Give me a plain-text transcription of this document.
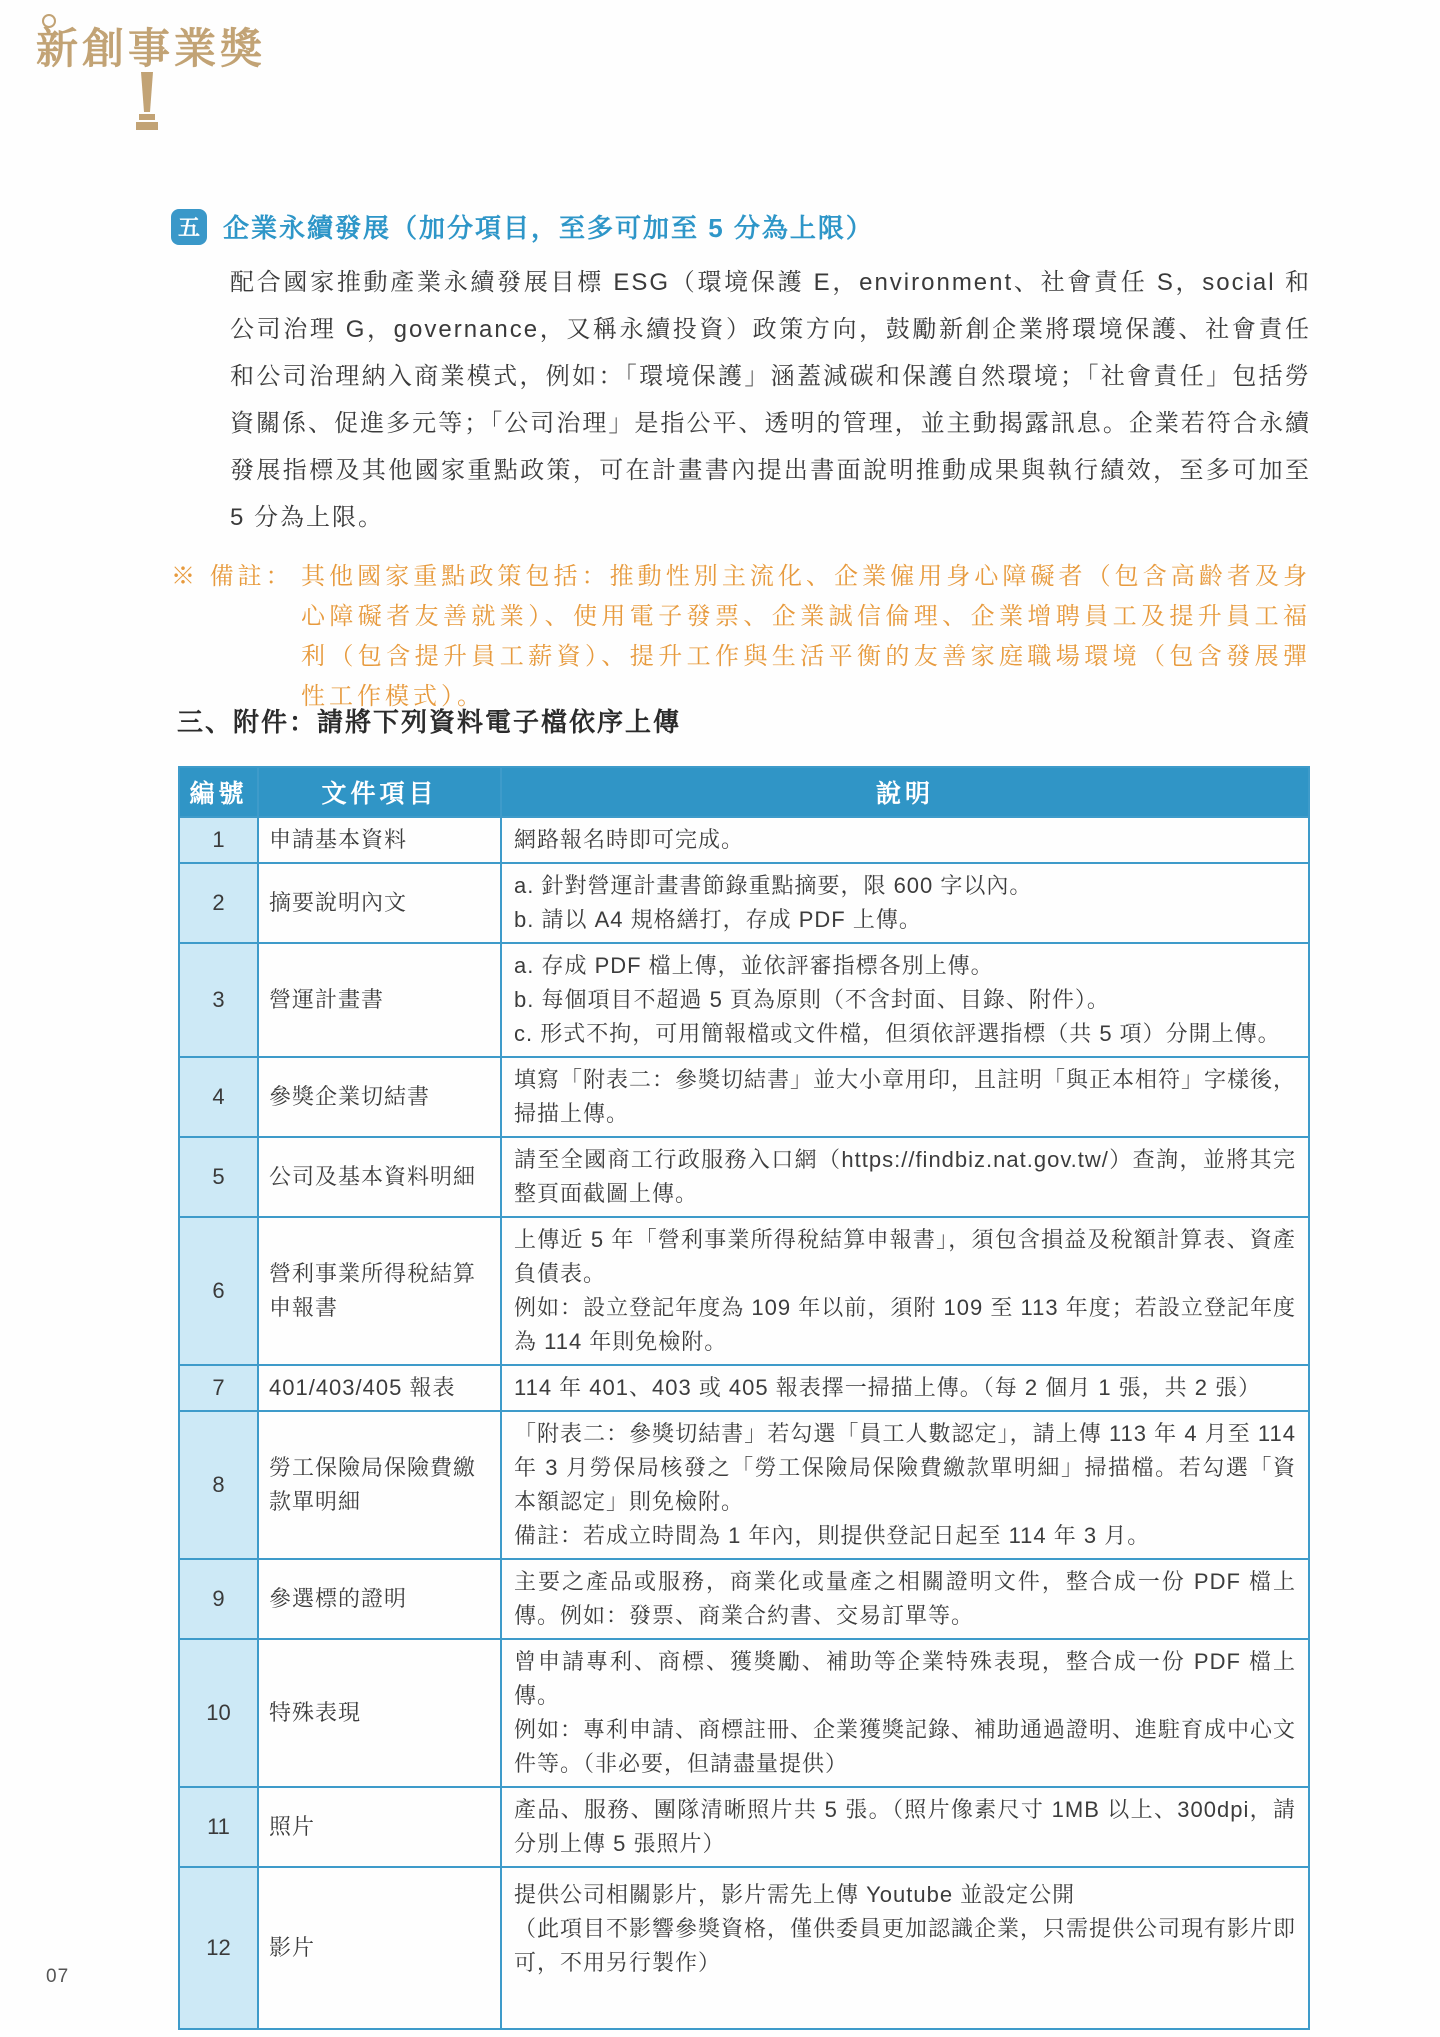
新創事業獎
五 企業永續發展（加分項目，至多可加至 5 分為上限）

配合國家推動產業永續發展目標 ESG（環境保護 E，environment、社會責任 S，social 和公司治理 G，governance，又稱永續投資）政策方向，鼓勵新創企業將環境保護、社會責任和公司治理納入商業模式，例如：「環境保護」涵蓋減碳和保護自然環境；「社會責任」包括勞資關係、促進多元等；「公司治理」是指公平、透明的管理，並主動揭露訊息。企業若符合永續發展指標及其他國家重點政策，可在計畫書內提出書面說明推動成果與執行績效，至多可加至 5 分為上限。

※ 備註： 其他國家重點政策包括：推動性別主流化、企業僱用身心障礙者（包含高齡者及身心障礙者友善就業）、使用電子發票、企業誠信倫理、企業增聘員工及提升員工福利（包含提升員工薪資）、提升工作與生活平衡的友善家庭職場環境（包含發展彈性工作模式）。

三、附件：請將下列資料電子檔依序上傳
編號	文件項目	說明
1	申請基本資料	網路報名時即可完成。

2	摘要說明內文	a. 針對營運計畫書節錄重點摘要，限 600 字以內。
b. 請以 A4 規格繕打，存成 PDF 上傳。

3	營運計畫書	a. 存成 PDF 檔上傳，並依評審指標各別上傳。
b. 每個項目不超過 5 頁為原則（不含封面、目錄、附件）。
c. 形式不拘，可用簡報檔或文件檔，但須依評選指標（共 5 項）分開上傳。

4	參獎企業切結書	填寫「附表二：參獎切結書」並大小章用印，且註明「與正本相符」字樣後，掃描上傳。

5	公司及基本資料明細	請至全國商工行政服務入口網（https://findbiz.nat.gov.tw/）查詢，並將其完整頁面截圖上傳。

6	營利事業所得稅結算申報書	上傳近 5 年「營利事業所得稅結算申報書」，須包含損益及稅額計算表、資產負債表。
例如：設立登記年度為 109 年以前，須附 109 至 113 年度；若設立登記年度為 114 年則免檢附。

7	401/403/405 報表	114 年 401、403 或 405 報表擇一掃描上傳。（每 2 個月 1 張，共 2 張）

8	勞工保險局保險費繳款單明細	「附表二：參獎切結書」若勾選「員工人數認定」，請上傳 113 年 4 月至 114 年 3 月勞保局核發之「勞工保險局保險費繳款單明細」掃描檔。若勾選「資本額認定」則免檢附。
備註：若成立時間為 1 年內，則提供登記日起至 114 年 3 月。

9	參選標的證明	主要之產品或服務，商業化或量產之相關證明文件，整合成一份 PDF 檔上傳。例如：發票、商業合約書、交易訂單等。

10	特殊表現	曾申請專利、商標、獲獎勵、補助等企業特殊表現，整合成一份 PDF 檔上傳。
例如：專利申請、商標註冊、企業獲獎記錄、補助通過證明、進駐育成中心文件等。（非必要，但請盡量提供）

11	照片	產品、服務、團隊清晰照片共 5 張。（照片像素尺寸 1MB 以上、300dpi，請分別上傳 5 張照片）

12	影片	提供公司相關影片，影片需先上傳 Youtube 並設定公開
（此項目不影響參獎資格，僅供委員更加認識企業，只需提供公司現有影片即可，不用另行製作）
07
